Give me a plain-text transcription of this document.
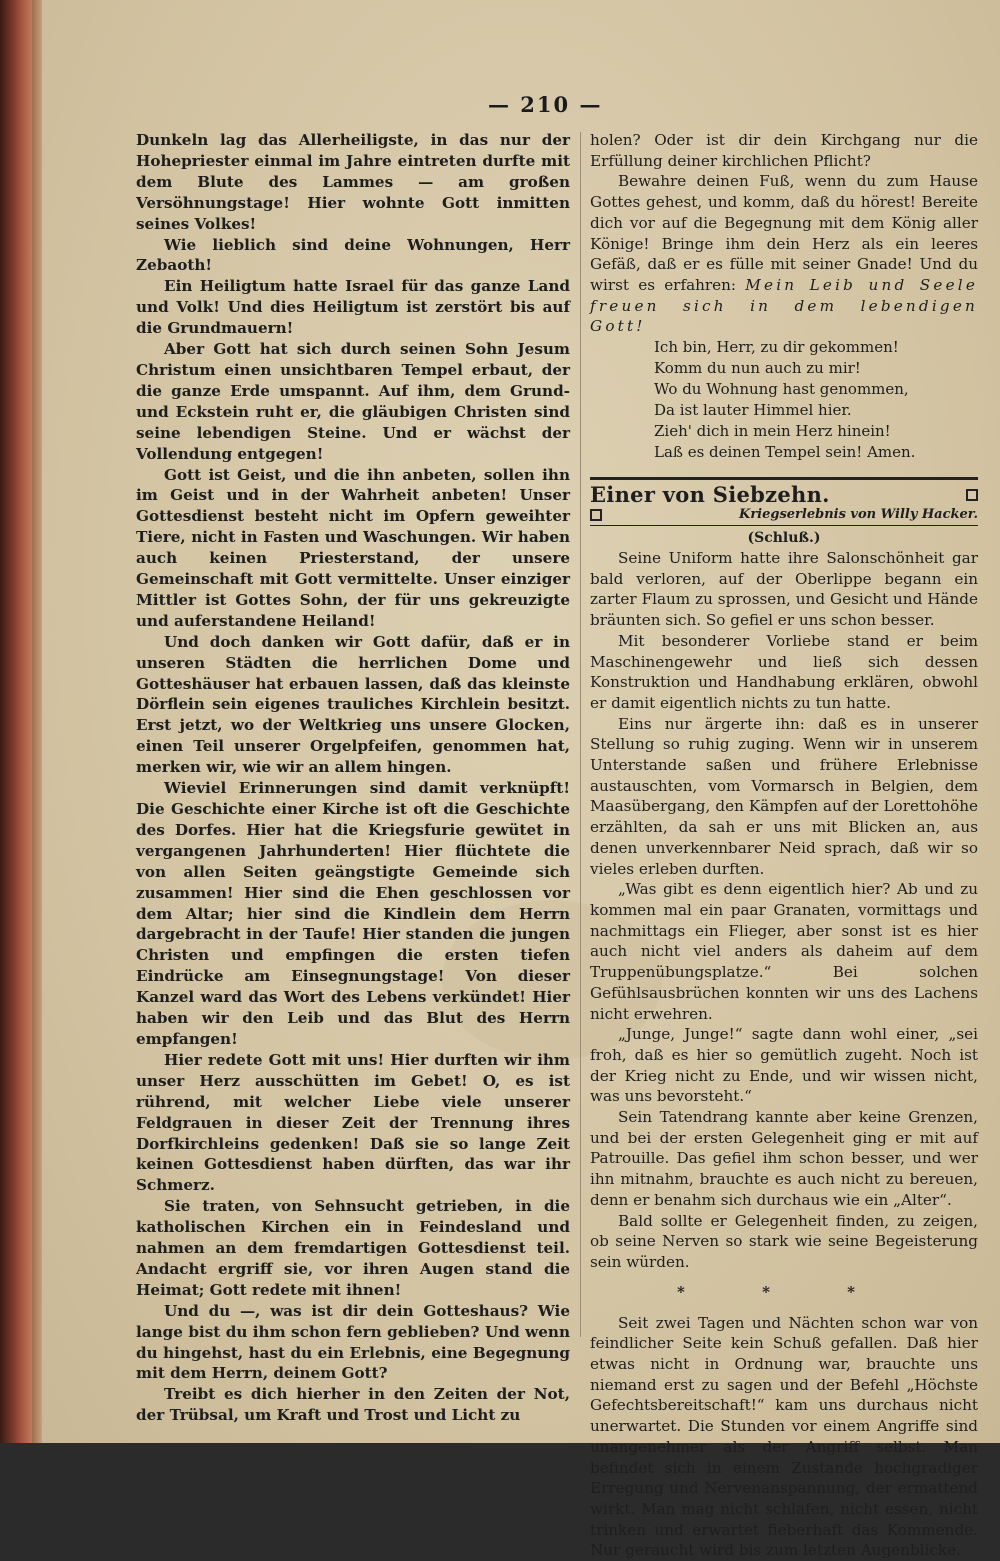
— 210 —

Dunkeln lag das Allerheiligste, in das nur der Hohepriester einmal im Jahre eintreten durfte mit dem Blute des Lammes — am großen Versöhnungstage! Hier wohnte Gott inmitten seines Volkes!

Wie lieblich sind deine Wohnungen, Herr Zebaoth!

Ein Heiligtum hatte Israel für das ganze Land und Volk! Und dies Heiligtum ist zerstört bis auf die Grundmauern!

Aber Gott hat sich durch seinen Sohn Jesum Christum einen unsichtbaren Tempel erbaut, der die ganze Erde umspannt. Auf ihm, dem Grund- und Eckstein ruht er, die gläubigen Christen sind seine lebendigen Steine. Und er wächst der Vollendung entgegen!

Gott ist Geist, und die ihn anbeten, sollen ihn im Geist und in der Wahrheit anbeten! Unser Gottesdienst besteht nicht im Opfern geweihter Tiere, nicht in Fasten und Waschungen. Wir haben auch keinen Priesterstand, der unsere Gemeinschaft mit Gott vermittelte. Unser einziger Mittler ist Gottes Sohn, der für uns gekreuzigte und auferstandene Heiland!

Und doch danken wir Gott dafür, daß er in unseren Städten die herrlichen Dome und Gotteshäuser hat erbauen lassen, daß das kleinste Dörflein sein eigenes trauliches Kirchlein besitzt. Erst jetzt, wo der Weltkrieg uns unsere Glocken, einen Teil unserer Orgelpfeifen, genommen hat, merken wir, wie wir an allem hingen.

Wieviel Erinnerungen sind damit verknüpft! Die Geschichte einer Kirche ist oft die Geschichte des Dorfes. Hier hat die Kriegsfurie gewütet in vergangenen Jahrhunderten! Hier flüchtete die von allen Seiten geängstigte Gemeinde sich zusammen! Hier sind die Ehen geschlossen vor dem Altar; hier sind die Kindlein dem Herrn dargebracht in der Taufe! Hier standen die jungen Christen und empfingen die ersten tiefen Eindrücke am Einsegnungstage! Von dieser Kanzel ward das Wort des Lebens verkündet! Hier haben wir den Leib und das Blut des Herrn empfangen!

Hier redete Gott mit uns! Hier durften wir ihm unser Herz ausschütten im Gebet! O, es ist rührend, mit welcher Liebe viele unserer Feldgrauen in dieser Zeit der Trennung ihres Dorfkirchleins gedenken! Daß sie so lange Zeit keinen Gottesdienst haben dürften, das war ihr Schmerz.

Sie traten, von Sehnsucht getrieben, in die katholischen Kirchen ein in Feindesland und nahmen an dem fremdartigen Gottesdienst teil. Andacht ergriff sie, vor ihren Augen stand die Heimat; Gott redete mit ihnen!

Und du —, was ist dir dein Gotteshaus? Wie lange bist du ihm schon fern geblieben? Und wenn du hingehst, hast du ein Erlebnis, eine Begegnung mit dem Herrn, deinem Gott?

Treibt es dich hierher in den Zeiten der Not, der Trübsal, um Kraft und Trost und Licht zu

holen? Oder ist dir dein Kirchgang nur die Erfüllung deiner kirchlichen Pflicht?

Bewahre deinen Fuß, wenn du zum Hause Gottes gehest, und komm, daß du hörest! Bereite dich vor auf die Begegnung mit dem König aller Könige! Bringe ihm dein Herz als ein leeres Gefäß, daß er es fülle mit seiner Gnade! Und du wirst es erfahren: Mein Leib und Seele freuen sich in dem lebendigen Gott!

Ich bin, Herr, zu dir gekommen!
Komm du nun auch zu mir!
Wo du Wohnung hast genommen,
Da ist lauter Himmel hier.
Zieh' dich in mein Herz hinein!
Laß es deinen Tempel sein! Amen.
Einer von Siebzehn.
Kriegserlebnis von Willy Hacker.
(Schluß.)

Seine Uniform hatte ihre Salonschönheit gar bald verloren, auf der Oberlippe begann ein zarter Flaum zu sprossen, und Gesicht und Hände bräunten sich. So gefiel er uns schon besser.

Mit besonderer Vorliebe stand er beim Maschinengewehr und ließ sich dessen Konstruktion und Handhabung erklären, obwohl er damit eigentlich nichts zu tun hatte.

Eins nur ärgerte ihn: daß es in unserer Stellung so ruhig zuging. Wenn wir in unserem Unterstande saßen und frühere Erlebnisse austauschten, vom Vormarsch in Belgien, dem Maasübergang, den Kämpfen auf der Lorettohöhe erzählten, da sah er uns mit Blicken an, aus denen unverkennbarer Neid sprach, daß wir so vieles erleben durften.

„Was gibt es denn eigentlich hier? Ab und zu kommen mal ein paar Granaten, vormittags und nachmittags ein Flieger, aber sonst ist es hier auch nicht viel anders als daheim auf dem Truppenübungsplatze.“ Bei solchen Gefühlsausbrüchen konnten wir uns des Lachens nicht erwehren.

„Junge, Junge!“ sagte dann wohl einer, „sei froh, daß es hier so gemütlich zugeht. Noch ist der Krieg nicht zu Ende, und wir wissen nicht, was uns bevorsteht.“

Sein Tatendrang kannte aber keine Grenzen, und bei der ersten Gelegenheit ging er mit auf Patrouille. Das gefiel ihm schon besser, und wer ihn mitnahm, brauchte es auch nicht zu bereuen, denn er benahm sich durchaus wie ein „Alter“.

Bald sollte er Gelegenheit finden, zu zeigen, ob seine Nerven so stark wie seine Begeisterung sein würden.

* * *

Seit zwei Tagen und Nächten schon war von feindlicher Seite kein Schuß gefallen. Daß hier etwas nicht in Ordnung war, brauchte uns niemand erst zu sagen und der Befehl „Höchste Gefechtsbereitschaft!“ kam uns durchaus nicht unerwartet. Die Stunden vor einem Angriffe sind unangenehmer als der Angriff selbst. Man befindet sich in einem Zustande hochgradiger Erregung und Nervenanspannung, der ermattend wirkt. Man mag nicht schlafen, nicht essen, nicht trinken und erwartet fieberhaft das Kommende. Nur geraucht wird bis zum letzten Augenblicke.
